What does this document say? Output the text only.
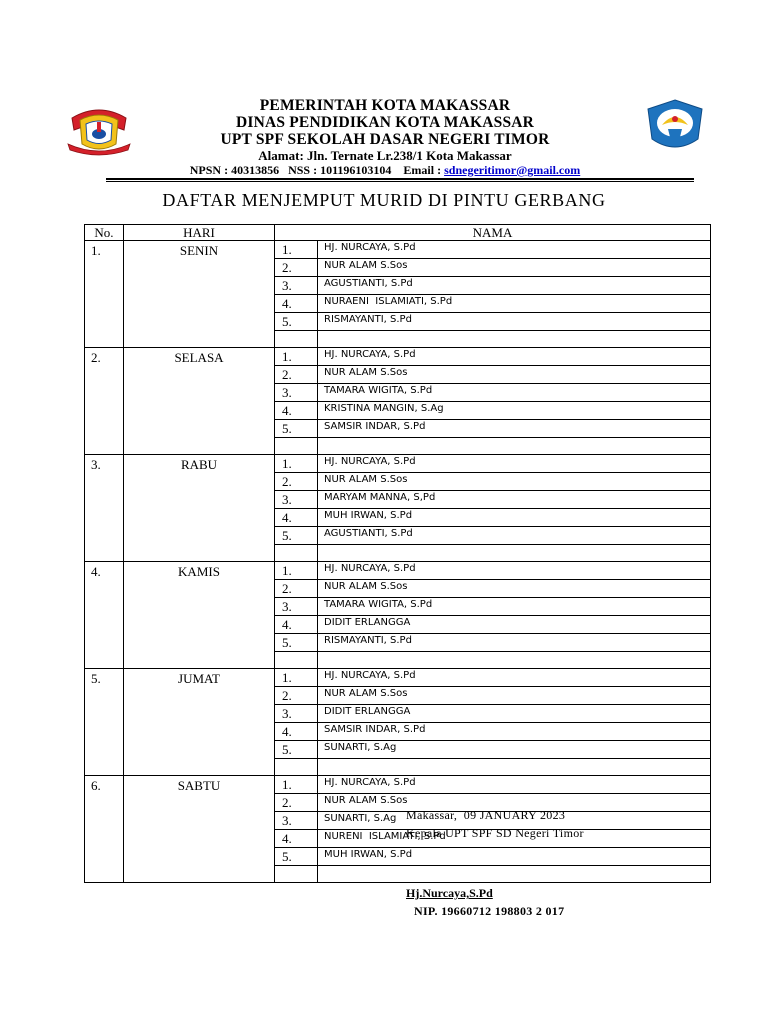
PEMERINTAH KOTA MAKASSAR
DINAS PENDIDIKAN KOTA MAKASSAR
UPT SPF SEKOLAH DASAR NEGERI TIMOR
Alamat: Jln. Ternate Lr.238/1 Kota Makassar
NPSN : 40313856   NSS : 101196103104    Email : sdnegeritimor@gmail.com
DAFTAR MENJEMPUT MURID DI PINTU GERBANG
No.	HARI	NAMA
1.	SENIN		1.	HJ. NURCAYA, S.Pd
2.	NUR ALAM S.Sos
3.	AGUSTIANTI, S.Pd
4.	NURAENI  ISLAMIATI, S.Pd
5.	RISMAYANTI, S.Pd

2.	SELASA		1.	HJ. NURCAYA, S.Pd
2.	NUR ALAM S.Sos
3.	TAMARA WIGITA, S.Pd
4.	KRISTINA MANGIN, S.Ag
5.	SAMSIR INDAR, S.Pd

3.	RABU		1.	HJ. NURCAYA, S.Pd
2.	NUR ALAM S.Sos
3.	MARYAM MANNA, S,Pd
4.	MUH IRWAN, S.Pd
5.	AGUSTIANTI, S.Pd

4.	KAMIS		1.	HJ. NURCAYA, S.Pd
2.	NUR ALAM S.Sos
3.	TAMARA WIGITA, S.Pd
4.	DIDIT ERLANGGA
5.	RISMAYANTI, S.Pd

5.	JUMAT		1.	HJ. NURCAYA, S.Pd
2.	NUR ALAM S.Sos
3.	DIDIT ERLANGGA
4.	SAMSIR INDAR, S.Pd
5.	SUNARTI, S.Ag

6.	SABTU		1.	HJ. NURCAYA, S.Pd
2.	NUR ALAM S.Sos
3.	SUNARTI, S.Ag
4.	NURENI  ISLAMIATI, S.Pd
5.	MUH IRWAN, S.Pd

Makassar,  09 JANUARY 2023
Kepala UPT SPF SD Negeri Timor
Hj.Nurcaya,S.Pd
NIP. 19660712 198803 2 017
